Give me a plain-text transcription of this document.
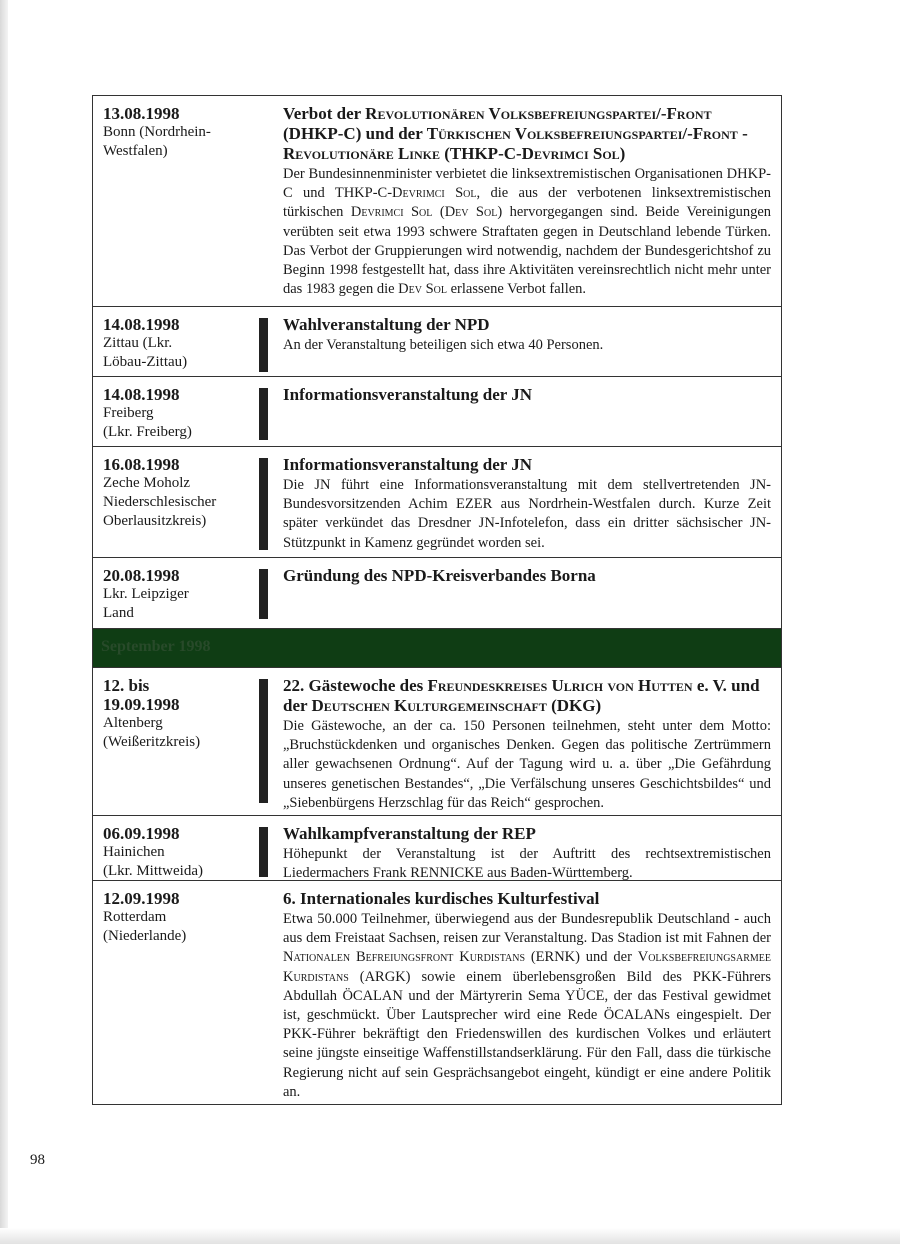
13.08.1998
Bonn (Nordrhein-
Westfalen)
Verbot der Revolutionären Volksbefreiungspartei/-Front (DHKP-C) und der Türkischen Volksbefreiungspartei/-Front - Revolutionäre Linke (THKP-C-Devrimci Sol)
Der Bundesinnenminister verbietet die linksextremistischen Organisationen DHKP-C und THKP-C-Devrimci Sol, die aus der verbotenen linksextremistischen türkischen Devrimci Sol (Dev Sol) hervorgegangen sind. Beide Vereinigungen verübten seit etwa 1993 schwere Straftaten gegen in Deutschland lebende Türken. Das Verbot der Gruppierungen wird notwendig, nachdem der Bundesgerichtshof zu Beginn 1998 festgestellt hat, dass ihre Aktivitäten vereinsrechtlich nicht mehr unter das 1983 gegen die Dev Sol erlassene Verbot fallen.
14.08.1998
Zittau (Lkr.
Löbau-Zittau)
Wahlveranstaltung der NPD
An der Veranstaltung beteiligen sich etwa 40 Personen.
14.08.1998
Freiberg
(Lkr. Freiberg)
Informationsveranstaltung der JN
16.08.1998
Zeche Moholz
Niederschlesischer
Oberlausitzkreis)
Informationsveranstaltung der JN
Die JN führt eine Informationsveranstaltung mit dem stellvertretenden JN-Bundesvorsitzenden Achim EZER aus Nordrhein-Westfalen durch. Kurze Zeit später verkündet das Dresdner JN-Infotelefon, dass ein dritter sächsischer JN-Stützpunkt in Kamenz gegründet worden sei.
20.08.1998
Lkr. Leipziger
Land
Gründung des NPD-Kreisverbandes Borna
September 1998
12. bis
19.09.1998
Altenberg
(Weißeritzkreis)
22. Gästewoche des Freundeskreises Ulrich von Hutten e. V. und der Deutschen Kulturgemeinschaft (DKG)
Die Gästewoche, an der ca. 150 Personen teilnehmen, steht unter dem Motto: „Bruchstückdenken und organisches Denken. Gegen das politische Zertrümmern aller gewachsenen Ordnung“. Auf der Tagung wird u. a. über „Die Gefährdung unseres genetischen Bestandes“, „Die Verfälschung unseres Geschichtsbildes“ und „Siebenbürgens Herzschlag für das Reich“ gesprochen.
06.09.1998
Hainichen
(Lkr. Mittweida)
Wahlkampfveranstaltung der REP
Höhepunkt der Veranstaltung ist der Auftritt des rechtsextremistischen Liedermachers Frank RENNICKE aus Baden-Württemberg.
12.09.1998
Rotterdam
(Niederlande)
6. Internationales kurdisches Kulturfestival
Etwa 50.000 Teilnehmer, überwiegend aus der Bundesrepublik Deutschland - auch aus dem Freistaat Sachsen, reisen zur Veranstaltung. Das Stadion ist mit Fahnen der Nationalen Befreiungsfront Kurdistans (ERNK) und der Volksbefreiungsarmee Kurdistans (ARGK) sowie einem überlebensgroßen Bild des PKK-Führers Abdullah ÖCALAN und der Märtyrerin Sema YÜCE, der das Festival gewidmet ist, geschmückt. Über Lautsprecher wird eine Rede ÖCALANs eingespielt. Der PKK-Führer bekräftigt den Friedenswillen des kurdischen Volkes und erläutert seine jüngste einseitige Waffenstillstandserklärung. Für den Fall, dass die türkische Regierung nicht auf sein Gesprächsangebot eingeht, kündigt er eine andere Politik an.
98
